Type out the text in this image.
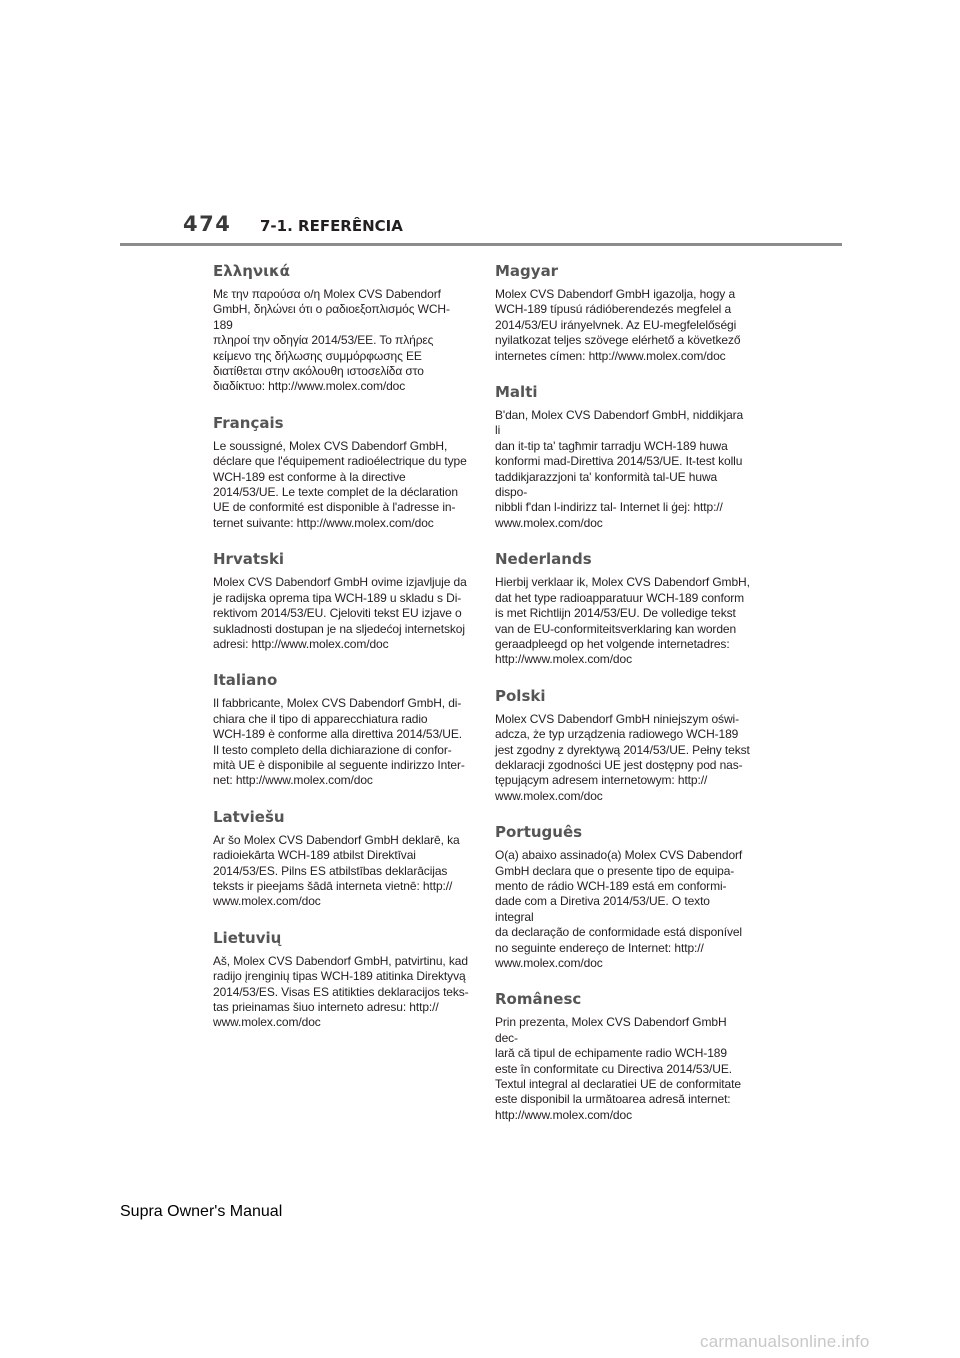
474 7-1. REFERÊNCIA
Ελληνικά

Με την παρούσα ο/η Molex CVS Dabendorf
GmbH, δηλώνει ότι ο ραδιοεξοπλισμός WCH-189
πληροί την οδηγία 2014/53/ΕΕ. Το πλήρες
κείμενο της δήλωσης συμμόρφωσης ΕΕ
διατίθεται στην ακόλουθη ιστοσελίδα στο
διαδίκτυο: http://www.molex.com/doc

Français

Le soussigné, Molex CVS Dabendorf GmbH,
déclare que l'équipement radioélectrique du type
WCH-189 est conforme à la directive
2014/53/UE. Le texte complet de la déclaration
UE de conformité est disponible à l'adresse in-
ternet suivante: http://www.molex.com/doc

Hrvatski

Molex CVS Dabendorf GmbH ovime izjavljuje da
je radijska oprema tipa WCH-189 u skladu s Di-
rektivom 2014/53/EU. Cjeloviti tekst EU izjave o
sukladnosti dostupan je na sljedećoj internetskoj
adresi: http://www.molex.com/doc

Italiano

Il fabbricante, Molex CVS Dabendorf GmbH, di-
chiara che il tipo di apparecchiatura radio
WCH-189 è conforme alla direttiva 2014/53/UE.
Il testo completo della dichiarazione di confor-
mità UE è disponibile al seguente indirizzo Inter-
net: http://www.molex.com/doc

Latviešu

Ar šo Molex CVS Dabendorf GmbH deklarē, ka
radioiekārta WCH-189 atbilst Direktīvai
2014/53/ES. Pilns ES atbilstības deklarācijas
teksts ir pieejams šādā interneta vietnē: http://
www.molex.com/doc

Lietuvių

Aš, Molex CVS Dabendorf GmbH, patvirtinu, kad
radijo įrenginių tipas WCH-189 atitinka Direktyvą
2014/53/ES. Visas ES atitikties deklaracijos teks-
tas prieinamas šiuo interneto adresu: http://
www.molex.com/doc

Magyar

Molex CVS Dabendorf GmbH igazolja, hogy a
WCH-189 típusú rádióberendezés megfelel a
2014/53/EU irányelvnek. Az EU-megfelelőségi
nyilatkozat teljes szövege elérhető a következő
internetes címen: http://www.molex.com/doc

Malti

B'dan, Molex CVS Dabendorf GmbH, niddikjara li
dan it-tip ta' tagħmir tarradju WCH-189 huwa
konformi mad-Direttiva 2014/53/UE. It-test kollu
taddikjarazzjoni ta' konformità tal-UE huwa dispo-
nibbli f'dan l-indirizz tal- Internet li ġej: http://
www.molex.com/doc

Nederlands

Hierbij verklaar ik, Molex CVS Dabendorf GmbH,
dat het type radioapparatuur WCH-189 conform
is met Richtlijn 2014/53/EU. De volledige tekst
van de EU-conformiteitsverklaring kan worden
geraadpleegd op het volgende internetadres:
http://www.molex.com/doc

Polski

Molex CVS Dabendorf GmbH niniejszym oświ-
adcza, że typ urządzenia radiowego WCH-189
jest zgodny z dyrektywą 2014/53/UE. Pełny tekst
deklaracji zgodności UE jest dostępny pod nas-
tępującym adresem internetowym: http://
www.molex.com/doc

Português

O(a) abaixo assinado(a) Molex CVS Dabendorf
GmbH declara que o presente tipo de equipa-
mento de rádio WCH-189 está em conformi-
dade com a Diretiva 2014/53/UE. O texto integral
da declaração de conformidade está disponível
no seguinte endereço de Internet: http://
www.molex.com/doc

Românesc

Prin prezenta, Molex CVS Dabendorf GmbH dec-
lară că tipul de echipamente radio WCH-189
este în conformitate cu Directiva 2014/53/UE.
Textul integral al declaratiei UE de conformitate
este disponibil la următoarea adresă internet:
http://www.molex.com/doc

Supra Owner's Manual
carmanualsonline.info
